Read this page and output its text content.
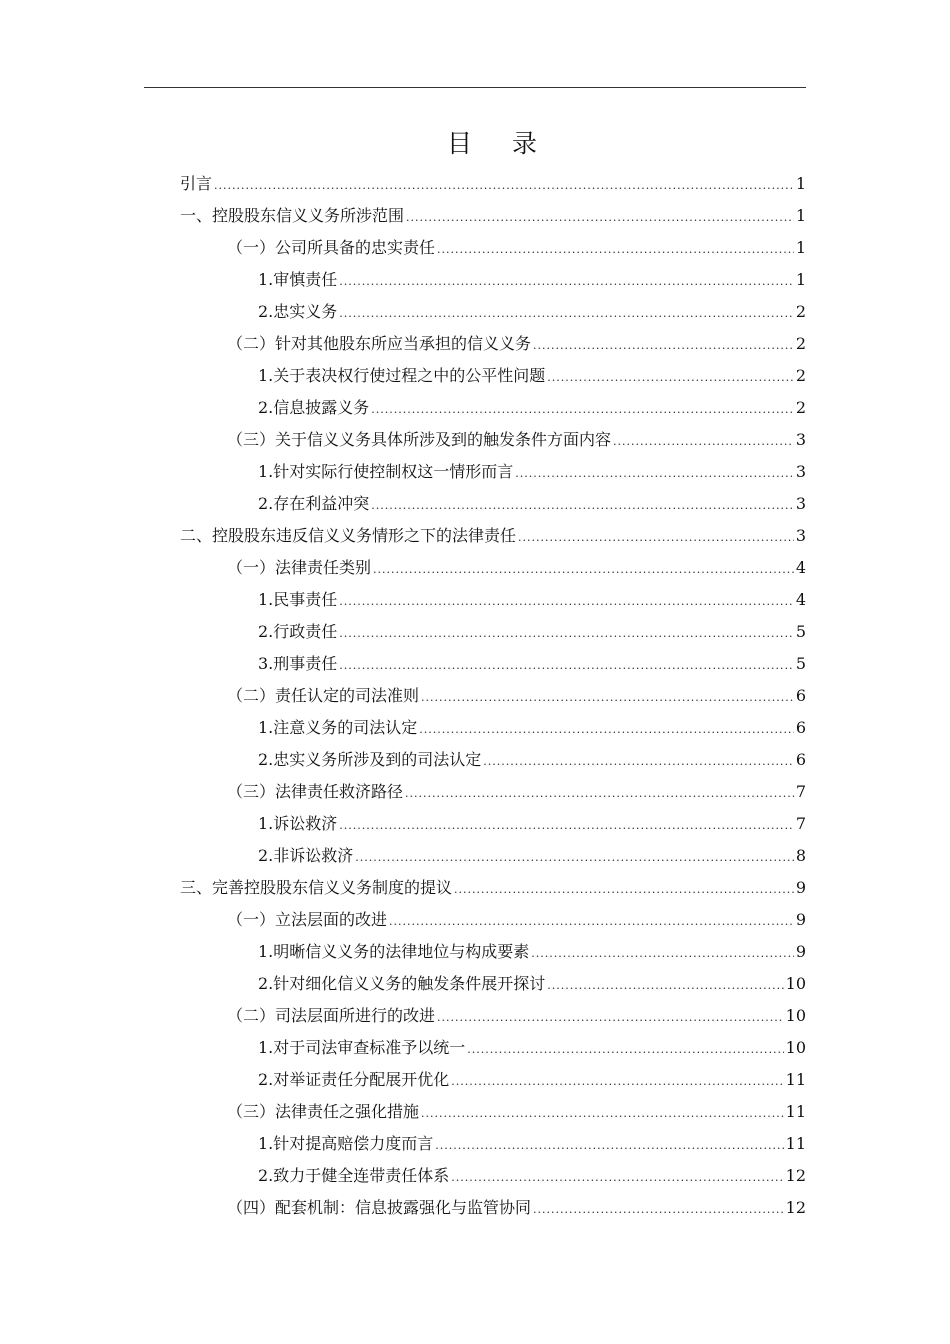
目 录
引言 .....	1
一、控股股东信义义务所涉范围 .....	1
（一）公司所具备的忠实责任 .....	1
1.审慎责任 .....	1
2.忠实义务 .....	2
（二）针对其他股东所应当承担的信义义务 .....	2
1.关于表决权行使过程之中的公平性问题 .....	2
2.信息披露义务 .....	2
（三）关于信义义务具体所涉及到的触发条件方面内容 .....	3
1.针对实际行使控制权这一情形而言 .....	3
2.存在利益冲突 .....	3
二、控股股东违反信义义务情形之下的法律责任 .....	3
（一）法律责任类别 .....	4
1.民事责任 .....	4
2.行政责任 .....	5
3.刑事责任 .....	5
（二）责任认定的司法准则 .....	6
1.注意义务的司法认定 .....	6
2.忠实义务所涉及到的司法认定 .....	6
（三）法律责任救济路径 .....	7
1.诉讼救济 .....	7
2.非诉讼救济 .....	8
三、完善控股股东信义义务制度的提议 .....	9
（一）立法层面的改进 .....	9
1.明晰信义义务的法律地位与构成要素 .....	9
2.针对细化信义义务的触发条件展开探讨 .....	10
（二）司法层面所进行的改进 .....	10
1.对于司法审查标准予以统一 .....	10
2.对举证责任分配展开优化 .....	11
（三）法律责任之强化措施 .....	11
1.针对提高赔偿力度而言 .....	11
2.致力于健全连带责任体系 .....	12
（四）配套机制：信息披露强化与监管协同 .....	12
